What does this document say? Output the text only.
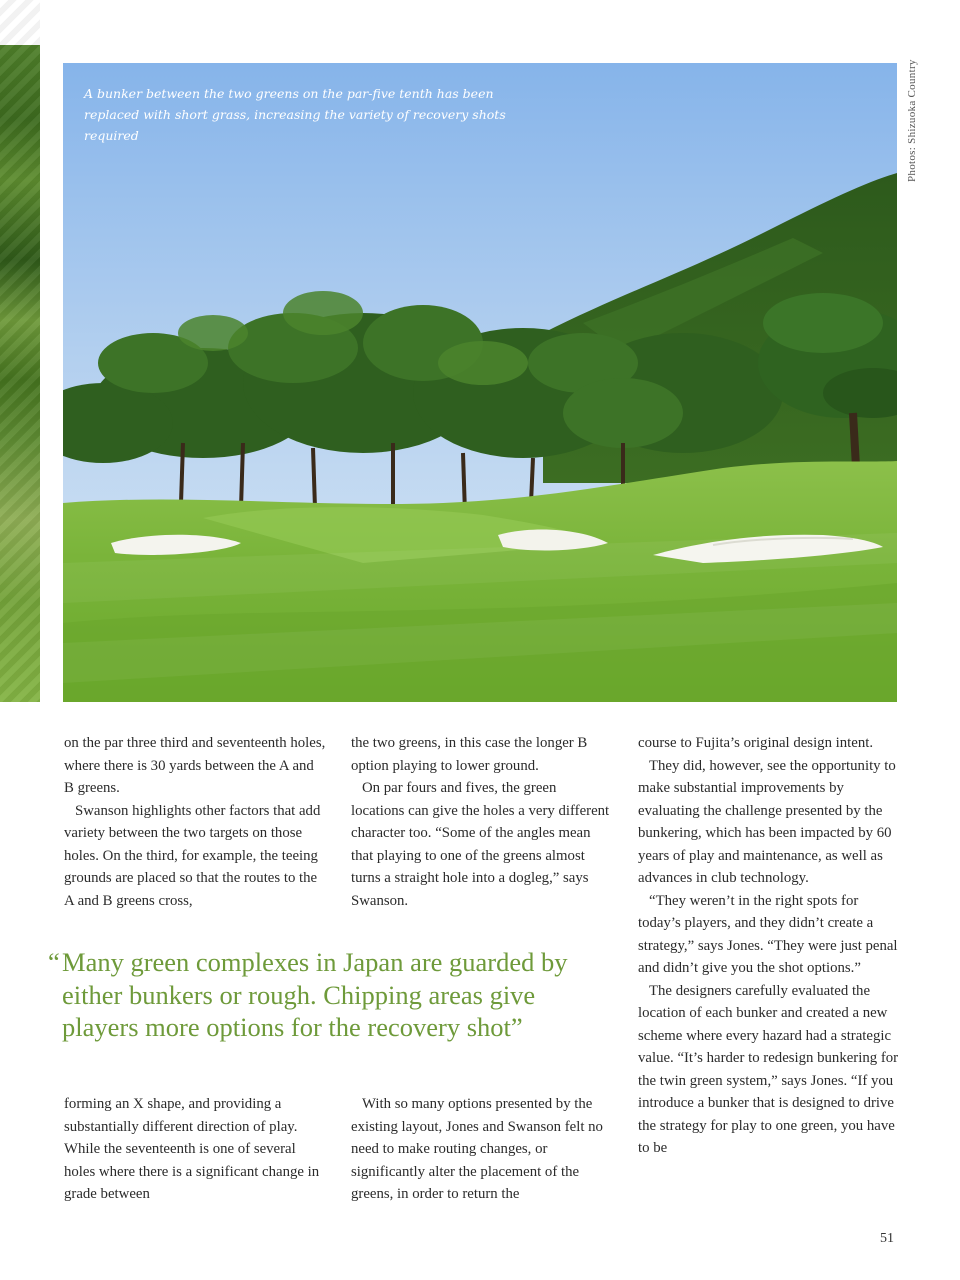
A bunker between the two greens on the par-five tenth has been replaced with short grass, increasing the variety of recovery shots required	Photos: Shizuoka Country

on the par three third and seventeenth holes, where there is 30 yards between the A and B greens.

Swanson highlights other factors that add variety between the two targets on those holes. On the third, for example, the teeing grounds are placed so that the routes to the A and B greens cross,

the two greens, in this case the longer B option playing to lower ground.

On par fours and fives, the green locations can give the holes a very different character too. “Some of the angles mean that playing to one of the greens almost turns a straight hole into a dogleg,” says Swanson.

course to Fujita’s original design intent.

They did, however, see the opportunity to make substantial improvements by evaluating the challenge presented by the bunkering, which has been impacted by 60 years of play and maintenance, as well as advances in club technology.

“They weren’t in the right spots for today’s players, and they didn’t create a strategy,” says Jones. “They were just penal and didn’t give you the shot options.”

The designers carefully evaluated the location of each bunker and created a new scheme where every hazard had a strategic value. “It’s harder to redesign bunkering for the twin green system,” says Jones. “If you introduce a bunker that is designed to drive the strategy for play to one green, you have to be

“Many green complexes in Japan are guarded by either bunkers or rough. Chipping areas give players more options for the recovery shot”

forming an X shape, and providing a substantially different direction of play. While the seventeenth is one of several holes where there is a significant change in grade between

With so many options presented by the existing layout, Jones and Swanson felt no need to make routing changes, or significantly alter the placement of the greens, in order to return the

51
